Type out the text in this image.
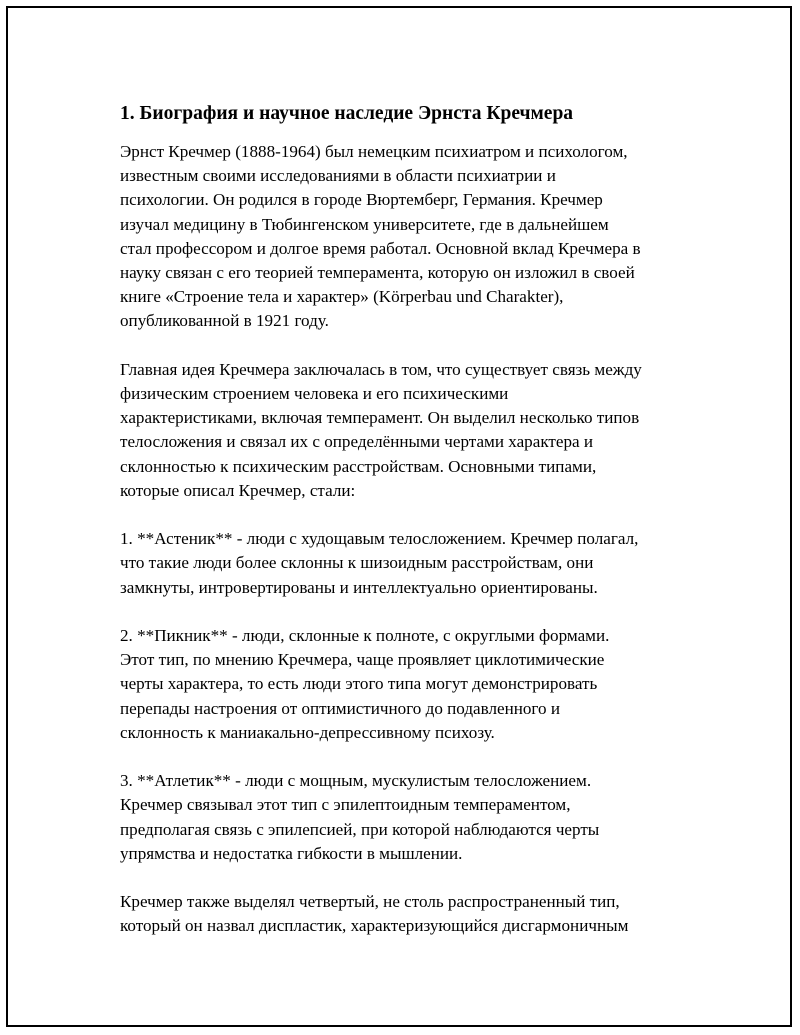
1. Биография и научное наследие Эрнста Кречмера

Эрнст Кречмер (1888-1964) был немецким психиатром и психологом,
известным своими исследованиями в области психиатрии и
психологии. Он родился в городе Вюртемберг, Германия. Кречмер
изучал медицину в Тюбингенском университете, где в дальнейшем
стал профессором и долгое время работал. Основной вклад Кречмера в
науку связан с его теорией темперамента, которую он изложил в своей
книге «Строение тела и характер» (Körperbau und Charakter),
опубликованной в 1921 году.

Главная идея Кречмера заключалась в том, что существует связь между
физическим строением человека и его психическими
характеристиками, включая темперамент. Он выделил несколько типов
телосложения и связал их с определёнными чертами характера и
склонностью к психическим расстройствам. Основными типами,
которые описал Кречмер, стали:

1. **Астеник** - люди с худощавым телосложением. Кречмер полагал,
что такие люди более склонны к шизоидным расстройствам, они
замкнуты, интровертированы и интеллектуально ориентированы.

2. **Пикник** - люди, склонные к полноте, с округлыми формами.
Этот тип, по мнению Кречмера, чаще проявляет циклотимические
черты характера, то есть люди этого типа могут демонстрировать
перепады настроения от оптимистичного до подавленного и
склонность к маниакально-депрессивному психозу.

3. **Атлетик** - люди с мощным, мускулистым телосложением.
Кречмер связывал этот тип с эпилептоидным темпераментом,
предполагая связь с эпилепсией, при которой наблюдаются черты
упрямства и недостатка гибкости в мышлении.

Кречмер также выделял четвертый, не столь распространенный тип,
который он назвал диспластик, характеризующийся дисгармоничным
